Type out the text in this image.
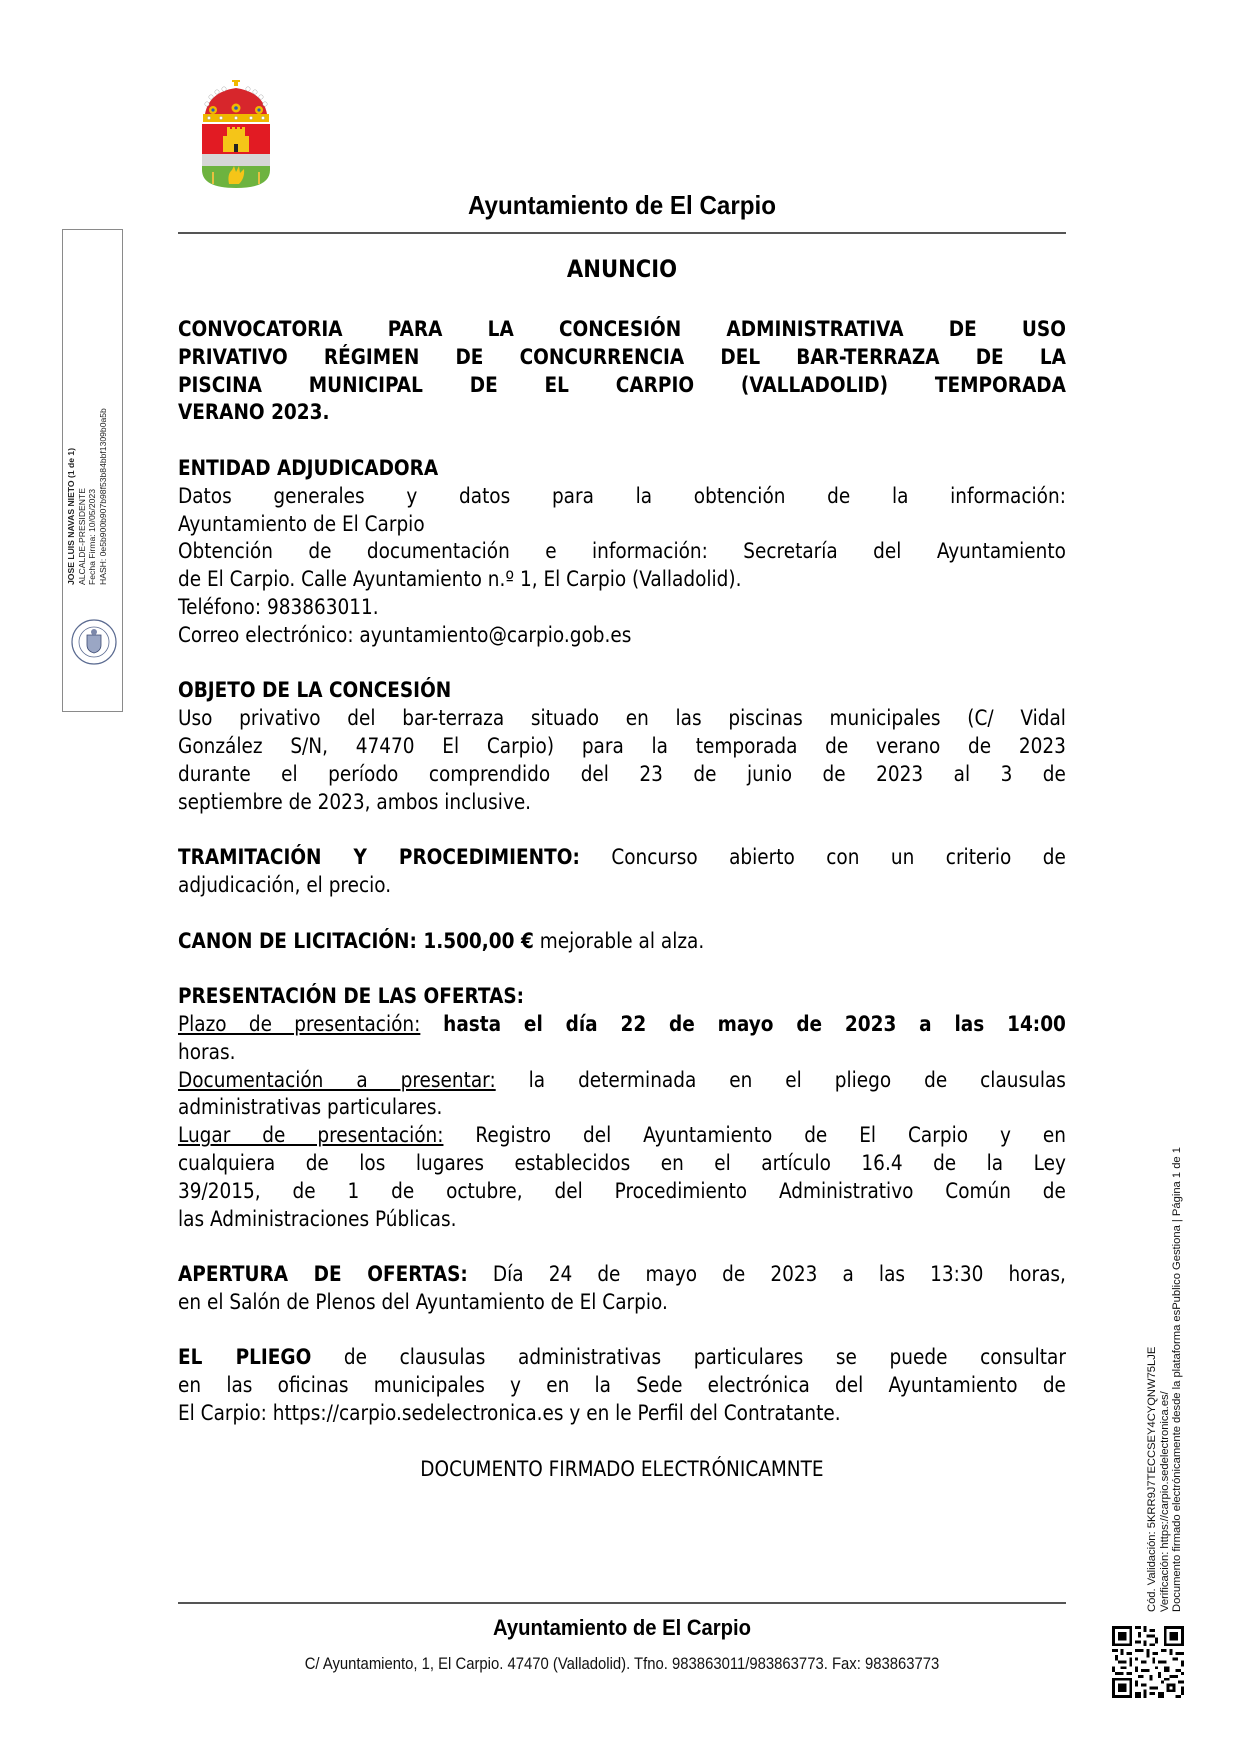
JOSE LUIS NAVAS NIETO (1 de 1) ALCALDE-PRESIDENTE Fecha Firma: 10/05/2023 HASH: 0e5b900b907b98f53b84bbf1309b0a5b
Ayuntamiento de El Carpio
ANUNCIO
CONVOCATORIA PARA LA CONCESIÓN ADMINISTRATIVA DE USO
PRIVATIVO RÉGIMEN DE CONCURRENCIA DEL BAR-TERRAZA DE LA
PISCINA MUNICIPAL DE EL CARPIO (VALLADOLID) TEMPORADA
VERANO 2023.
ENTIDAD ADJUDICADORA
Datos generales y datos para la obtención de la información:
Ayuntamiento de El Carpio
Obtención de documentación e información: Secretaría del Ayuntamiento
de El Carpio. Calle Ayuntamiento n.º 1, El Carpio (Valladolid).
Teléfono: 983863011.
Correo electrónico: ayuntamiento@carpio.gob.es
OBJETO DE LA CONCESIÓN
Uso privativo del bar-terraza situado en las piscinas municipales (C/ Vidal
González S/N, 47470 El Carpio) para la temporada de verano de 2023
durante el período comprendido del 23 de junio de 2023 al 3 de
septiembre de 2023, ambos inclusive.
TRAMITACIÓN Y PROCEDIMIENTO: Concurso abierto con un criterio de
adjudicación, el precio.
CANON DE LICITACIÓN: 1.500,00 € mejorable al alza.
PRESENTACIÓN DE LAS OFERTAS:
Plazo de presentación: hasta el día 22 de mayo de 2023 a las 14:00
horas.
Documentación a presentar: la determinada en el pliego de clausulas
administrativas particulares.
Lugar de presentación: Registro del Ayuntamiento de El Carpio y en
cualquiera de los lugares establecidos en el artículo 16.4 de la Ley
39/2015, de 1 de octubre, del Procedimiento Administrativo Común de
las Administraciones Públicas.
APERTURA DE OFERTAS: Día 24 de mayo de 2023 a las 13:30 horas,
en el Salón de Plenos del Ayuntamiento de El Carpio.
EL PLIEGO de clausulas administrativas particulares se puede consultar
en las oficinas municipales y en la Sede electrónica del Ayuntamiento de
El Carpio: https://carpio.sedelectronica.es y en le Perfil del Contratante.
DOCUMENTO FIRMADO ELECTRÓNICAMNTE
Ayuntamiento de El Carpio
C/ Ayuntamiento, 1, El Carpio. 47470 (Valladolid). Tfno. 983863011/983863773. Fax: 983863773
Cód. Validación: 5KRR9J7TECCSEY4CYQNW75LJE Verificación: https://carpio.sedelectronica.es/ Documento firmado electrónicamente desde la plataforma esPublico Gestiona | Página 1 de 1
